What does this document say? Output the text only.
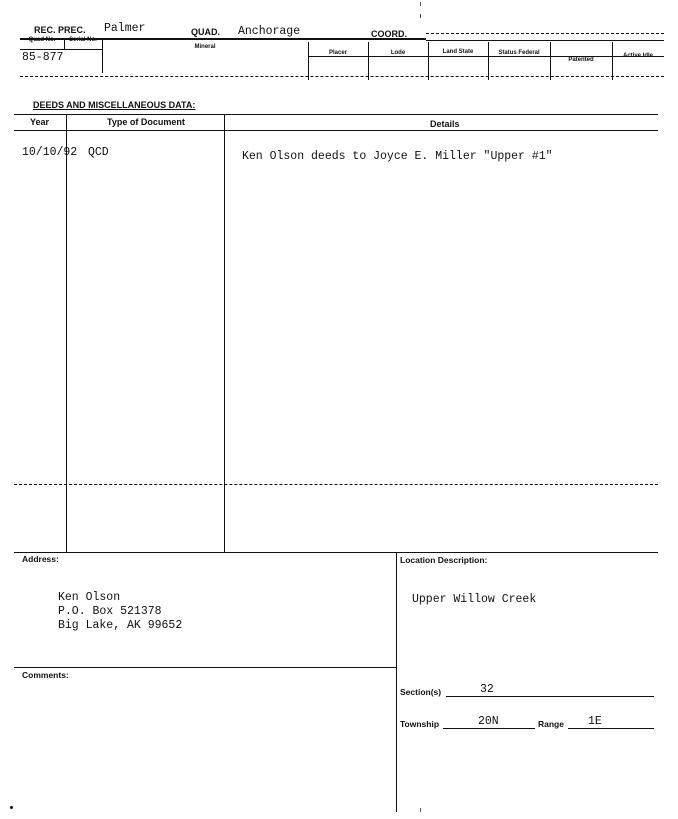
REC. PREC. Palmer	QUAD. Anchorage	COORD.
Quad No.	Serial No.
Mineral
Placer	Lode	Land State	Status Federal
Patented
Active Idle
85-877
DEEDS AND MISCELLANEOUS DATA:
Year	Type of Document	Details
10/10/92 QCD	Ken Olson deeds to Joyce E. Miller "Upper #1"
Address:
Ken Olson
P.O. Box 521378
Big Lake, AK 99652
Location Description:
Upper Willow Creek
Comments:
Section(s)	32
Township	20N	Range 1E
